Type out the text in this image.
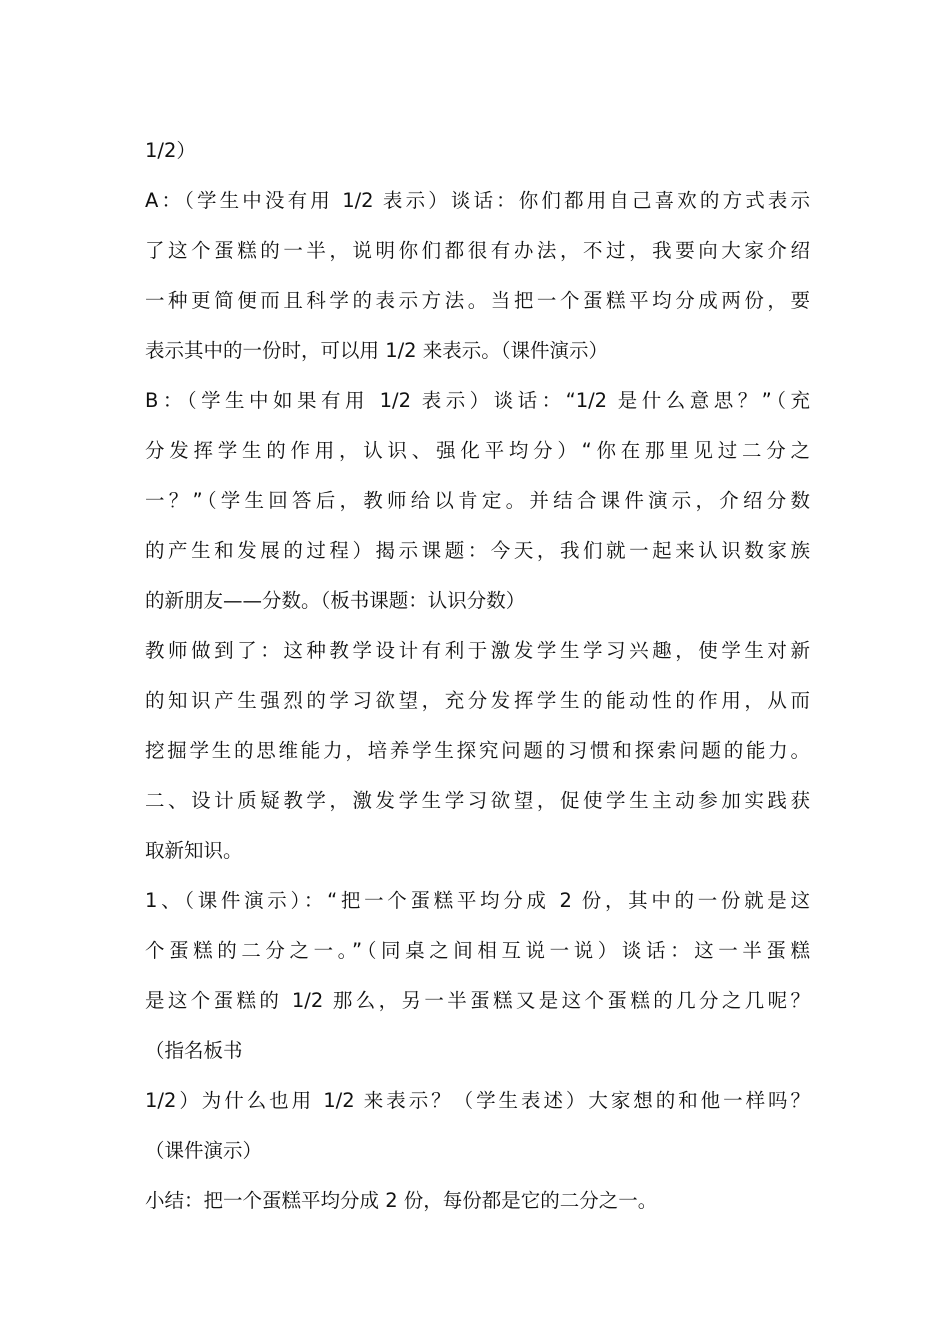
1/2）
A：（学生中没有用 1/2 表示）谈话：你们都用自己喜欢的方式表示
了这个蛋糕的一半，说明你们都很有办法，不过，我要向大家介绍
一种更简便而且科学的表示方法。当把一个蛋糕平均分成两份，要
表示其中的一份时，可以用 1/2 来表示。（课件演示）
B：（学生中如果有用 1/2 表示）谈话：“1/2 是什么意思？”（充
分发挥学生的作用，认识、强化平均分）“你在那里见过二分之
一？”（学生回答后，教师给以肯定。并结合课件演示，介绍分数
的产生和发展的过程）揭示课题：今天，我们就一起来认识数家族
的新朋友——分数。（板书课题：认识分数）
教师做到了：这种教学设计有利于激发学生学习兴趣，使学生对新
的知识产生强烈的学习欲望，充分发挥学生的能动性的作用，从而
挖掘学生的思维能力，培养学生探究问题的习惯和探索问题的能力。
二、设计质疑教学，激发学生学习欲望，促使学生主动参加实践获
取新知识。
1、（课件演示）：“把一个蛋糕平均分成 2 份，其中的一份就是这
个蛋糕的二分之一。”（同桌之间相互说一说）谈话：这一半蛋糕
是这个蛋糕的 1/2 那么，另一半蛋糕又是这个蛋糕的几分之几呢？
（指名板书
1/2）为什么也用 1/2 来表示？（学生表述）大家想的和他一样吗？
（课件演示）
小结：把一个蛋糕平均分成 2 份，每份都是它的二分之一。
